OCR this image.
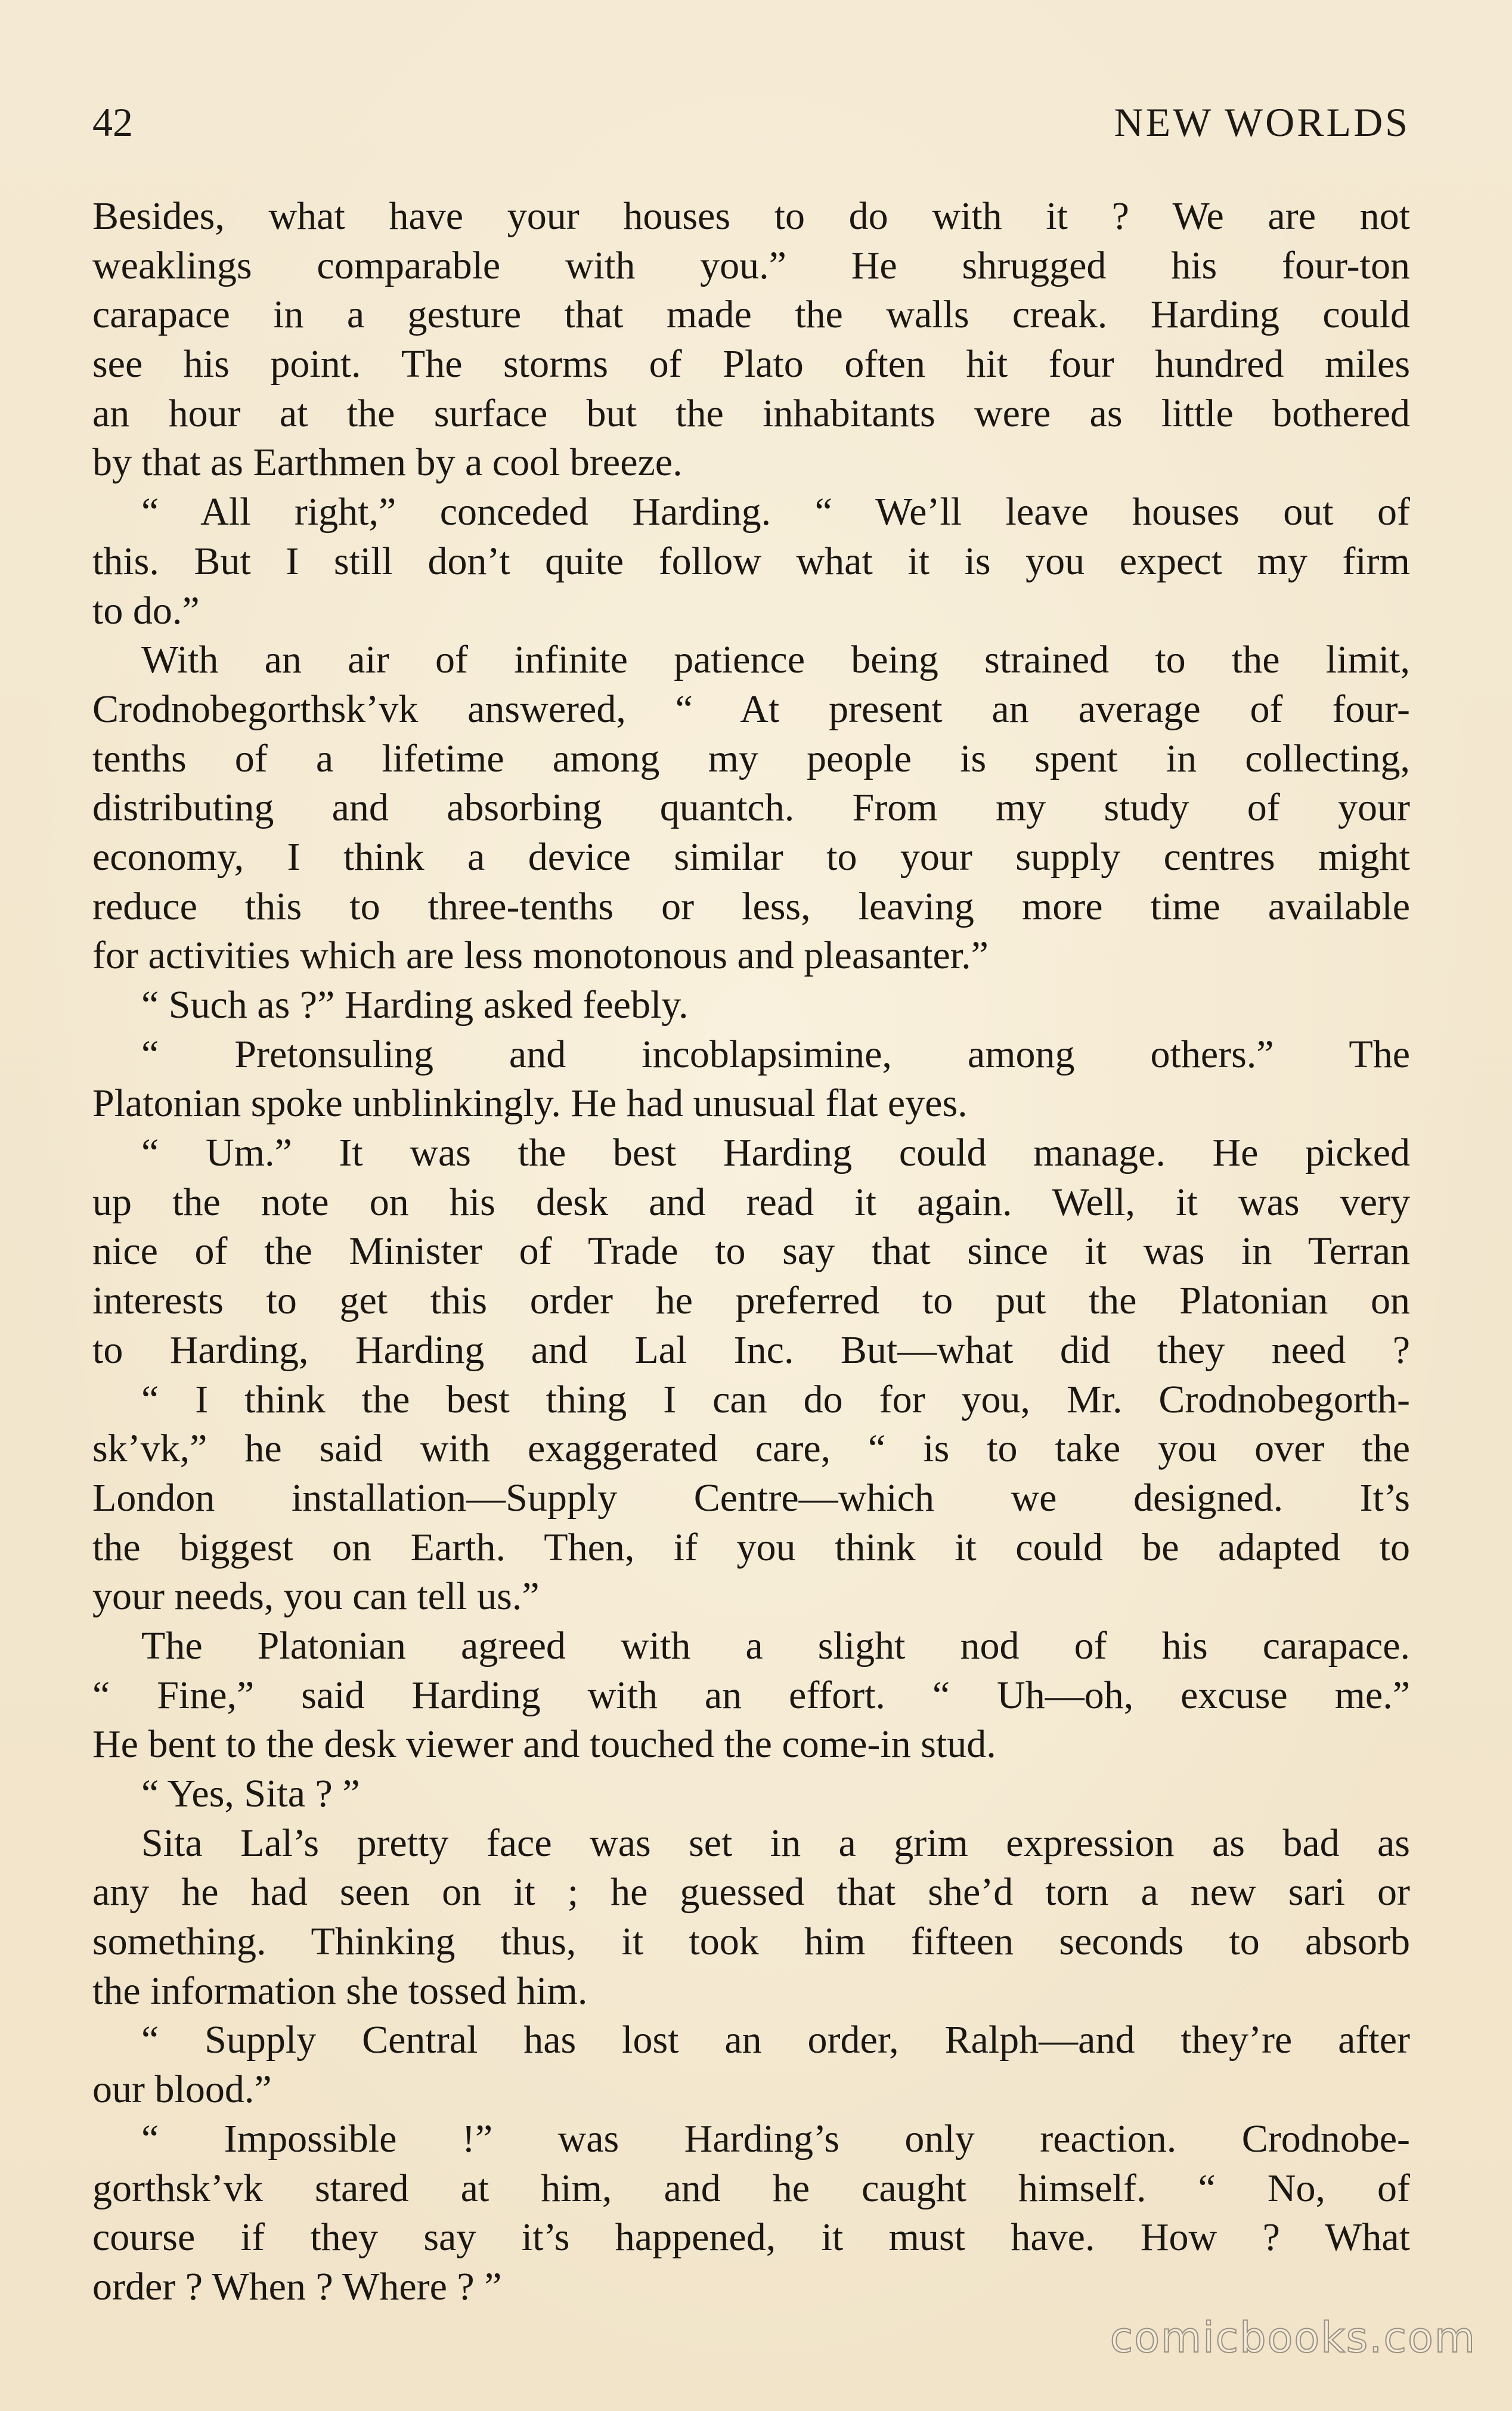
42	NEW WORLDS
Besides, what have your houses to do with it ? We are not
weaklings comparable with you.” He shrugged his four-ton
carapace in a gesture that made the walls creak. Harding could
see his point. The storms of Plato often hit four hundred miles
an hour at the surface but the inhabitants were as little bothered
by that as Earthmen by a cool breeze.
“ All right,” conceded Harding. “ We’ll leave houses out of
this. But I still don’t quite follow what it is you expect my firm
to do.”
With an air of infinite patience being strained to the limit,
Crodnobegorthsk’vk answered, “ At present an average of four-
tenths of a lifetime among my people is spent in collecting,
distributing and absorbing quantch. From my study of your
economy, I think a device similar to your supply centres might
reduce this to three-tenths or less, leaving more time available
for activities which are less monotonous and pleasanter.”
“ Such as ?” Harding asked feebly.
“ Pretonsuling and incoblapsimine, among others.” The
Platonian spoke unblinkingly. He had unusual flat eyes.
“ Um.” It was the best Harding could manage. He picked
up the note on his desk and read it again. Well, it was very
nice of the Minister of Trade to say that since it was in Terran
interests to get this order he preferred to put the Platonian on
to Harding, Harding and Lal Inc. But—what did they need ?
“ I think the best thing I can do for you, Mr. Crodnobegorth-
sk’vk,” he said with exaggerated care, “ is to take you over the
London installation—Supply Centre—which we designed. It’s
the biggest on Earth. Then, if you think it could be adapted to
your needs, you can tell us.”
The Platonian agreed with a slight nod of his carapace.
“ Fine,” said Harding with an effort. “ Uh—oh, excuse me.”
He bent to the desk viewer and touched the come-in stud.
“ Yes, Sita ? ”
Sita Lal’s pretty face was set in a grim expression as bad as
any he had seen on it ; he guessed that she’d torn a new sari or
something. Thinking thus, it took him fifteen seconds to absorb
the information she tossed him.
“ Supply Central has lost an order, Ralph—and they’re after
our blood.”
“ Impossible !” was Harding’s only reaction. Crodnobe-
gorthsk’vk stared at him, and he caught himself. “ No, of
course if they say it’s happened, it must have. How ? What
order ? When ? Where ? ”
comicbooks.com
